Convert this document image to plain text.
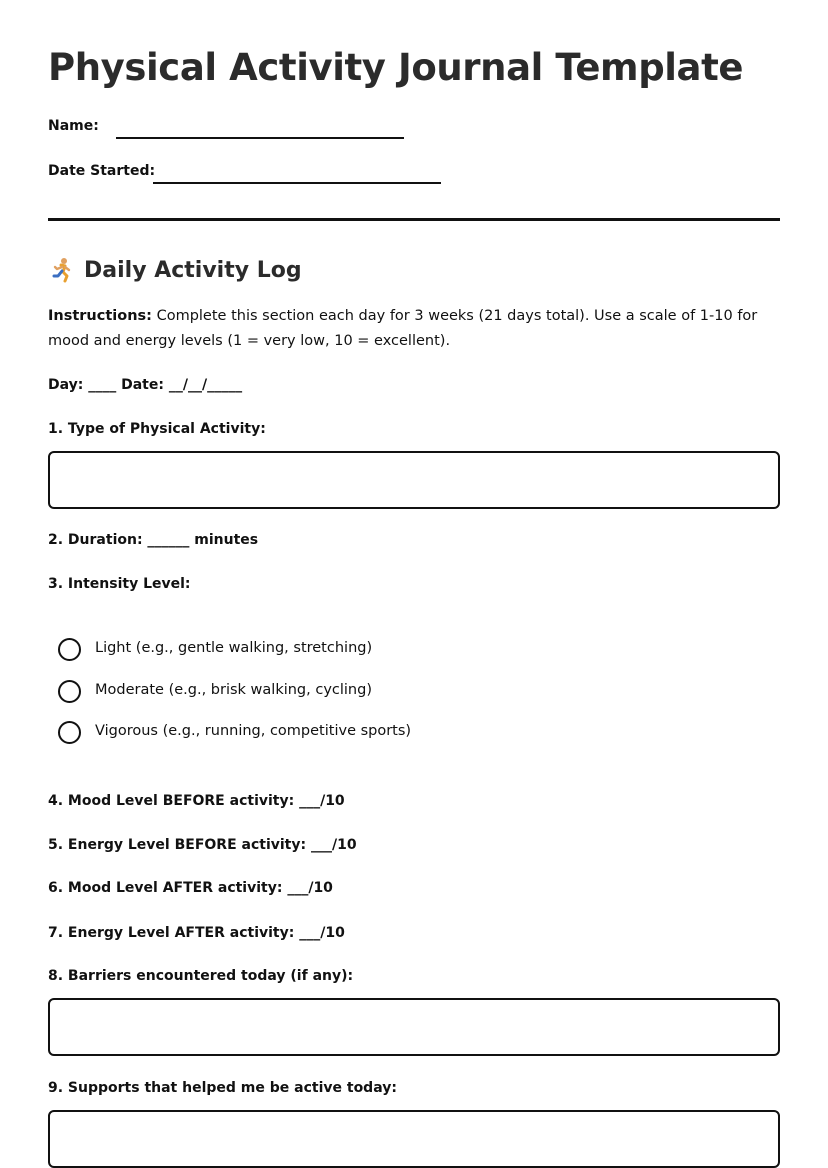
Physical Activity Journal Template
Name:
Date Started:
Daily Activity Log

Instructions: Complete this section each day for 3 weeks (21 days total). Use a scale of 1-10 for mood and energy levels (1 = very low, 10 = excellent).

Day: ____ Date: __/__/_____
1. Type of Physical Activity:
2. Duration: ______ minutes
3. Intensity Level:
Light (e.g., gentle walking, stretching)
Moderate (e.g., brisk walking, cycling)
Vigorous (e.g., running, competitive sports)
4. Mood Level BEFORE activity: ___/10
5. Energy Level BEFORE activity: ___/10
6. Mood Level AFTER activity: ___/10
7. Energy Level AFTER activity: ___/10
8. Barriers encountered today (if any):
9. Supports that helped me be active today:
